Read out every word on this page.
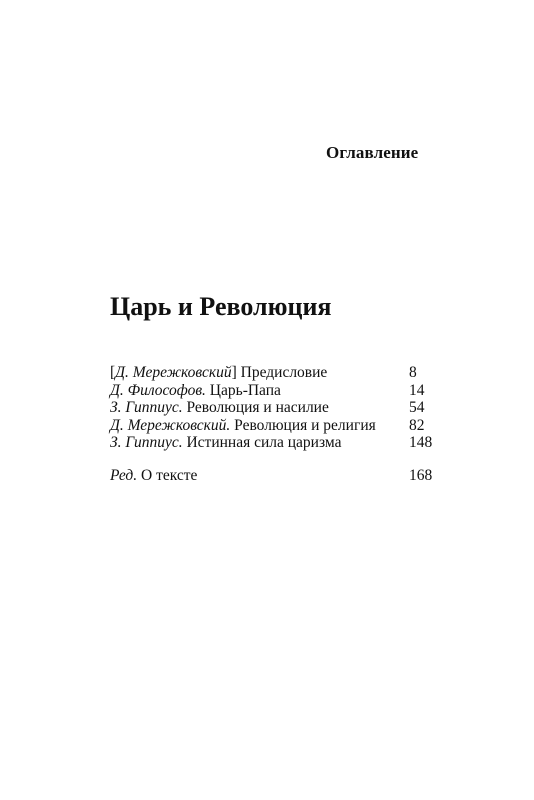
Оглавление
Царь и Революция
[Д. Мережковский] Предисловие	8
Д. Философов. Царь-Папа	14
З. Гиппиус. Революция и насилие	54
Д. Мережковский. Революция и религия 82
З. Гиппиус. Истинная сила царизма	148
Ред. О тексте	168
